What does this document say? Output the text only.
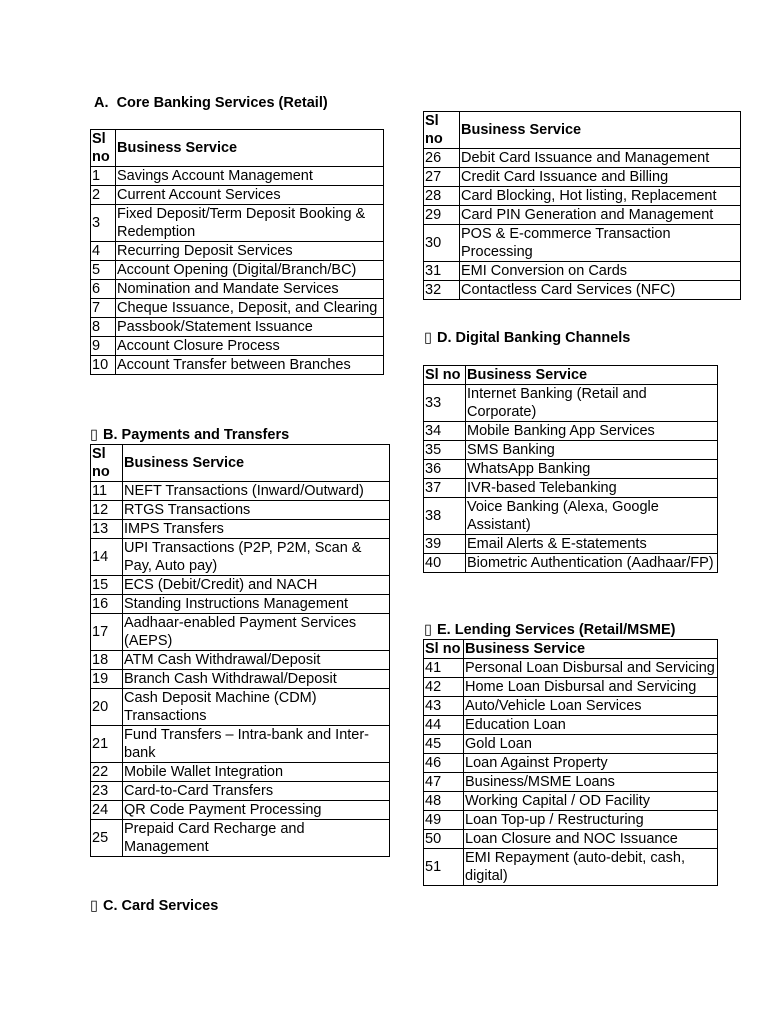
A. Core Banking Services (Retail)
▯ B. Payments and Transfers
▯ C. Card Services
▯ D. Digital Banking Channels
▯ E. Lending Services (Retail/MSME)
Sl no	Business Service
1	Savings Account Management
2	Current Account Services
3	Fixed Deposit/Term Deposit Booking & Redemption
4	Recurring Deposit Services
5	Account Opening (Digital/Branch/BC)
6	Nomination and Mandate Services
7	Cheque Issuance, Deposit, and Clearing
8	Passbook/Statement Issuance
9	Account Closure Process
10	Account Transfer between Branches
Sl no	Business Service
11	NEFT Transactions (Inward/Outward)
12	RTGS Transactions
13	IMPS Transfers
14	UPI Transactions (P2P, P2M, Scan & Pay, Auto pay)
15	ECS (Debit/Credit) and NACH
16	Standing Instructions Management
17	Aadhaar-enabled Payment Services (AEPS)
18	ATM Cash Withdrawal/Deposit
19	Branch Cash Withdrawal/Deposit
20	Cash Deposit Machine (CDM) Transactions
21	Fund Transfers – Intra-bank and Inter-bank
22	Mobile Wallet Integration
23	Card-to-Card Transfers
24	QR Code Payment Processing
25	Prepaid Card Recharge and Management
Sl no	Business Service
26	Debit Card Issuance and Management
27	Credit Card Issuance and Billing
28	Card Blocking, Hot listing, Replacement
29	Card PIN Generation and Management
30	POS & E-commerce Transaction Processing
31	EMI Conversion on Cards
32	Contactless Card Services (NFC)
Sl no	Business Service
33	Internet Banking (Retail and Corporate)
34	Mobile Banking App Services
35	SMS Banking
36	WhatsApp Banking
37	IVR-based Telebanking
38	Voice Banking (Alexa, Google Assistant)
39	Email Alerts & E-statements
40	Biometric Authentication (Aadhaar/FP)
Sl no	Business Service
41	Personal Loan Disbursal and Servicing
42	Home Loan Disbursal and Servicing
43	Auto/Vehicle Loan Services
44	Education Loan
45	Gold Loan
46	Loan Against Property
47	Business/MSME Loans
48	Working Capital / OD Facility
49	Loan Top-up / Restructuring
50	Loan Closure and NOC Issuance
51	EMI Repayment (auto-debit, cash, digital)
